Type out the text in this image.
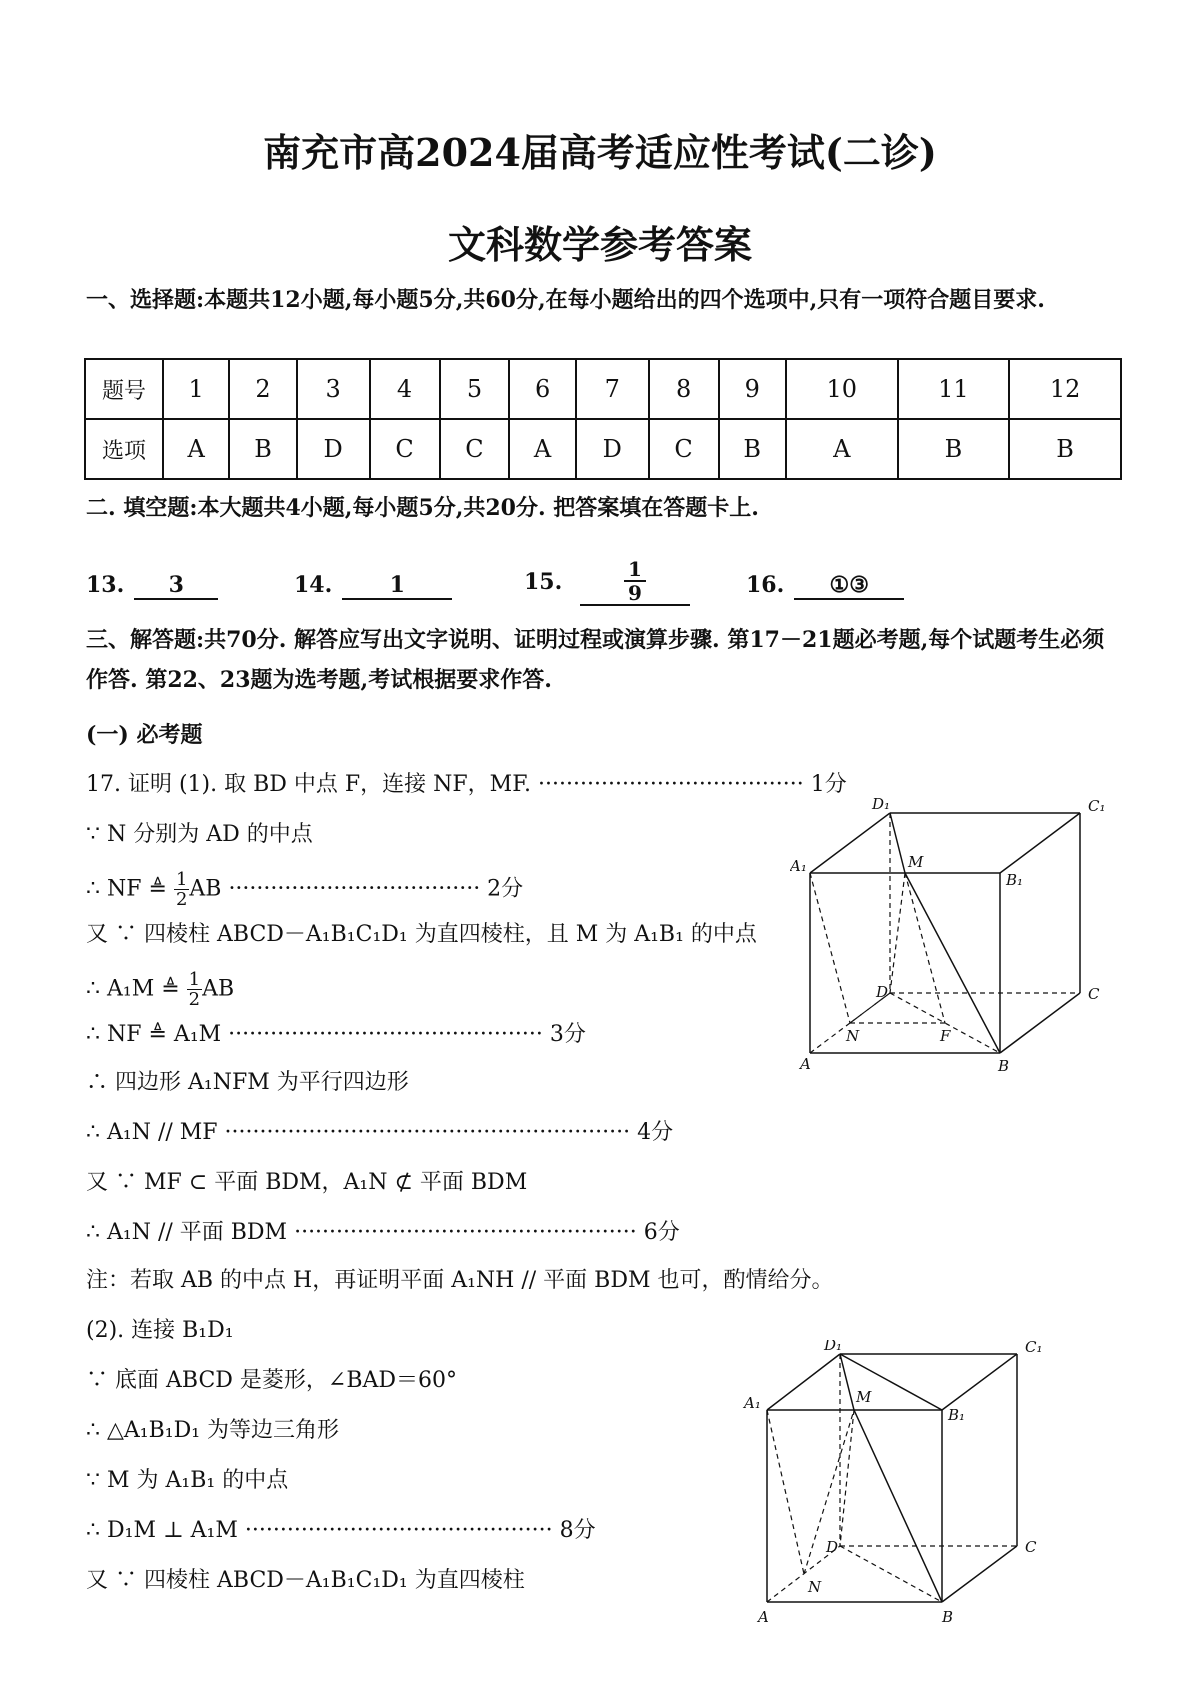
南充市高2024届高考适应性考试(二诊)
文科数学参考答案
一、选择题:本题共12小题,每小题5分,共60分,在每小题给出的四个选项中,只有一项符合题目要求.
题号	1	2	3	4	5	6	7	8	9	10	11	12
选项	A	B	D	C	C	A	D	C	B	A	B	B
二. 填空题:本大题共4小题,每小题5分,共20分. 把答案填在答题卡上.
13. 3	14.	1	15.	$\frac{1}{9}$	16. ①③
三、解答题:共70分. 解答应写出文字说明、证明过程或演算步骤. 第17－21题必考题,每个试题考生必须作答. 第22、23题为选考题,考试根据要求作答.
(一) 必考题
17. 证明 (1). 取 BD 中点 F，连接 NF，MF. ······································ 1分
∵ N 分别为 AD 的中点
∴ NF ≜ $\frac{1}{2}$ AB ···································· 2分
又 ∵ 四棱柱 ABCD－A₁B₁C₁D₁ 为直四棱柱，且 M 为 A₁B₁ 的中点
∴ A₁M ≜ $\frac{1}{2}$ AB
∴ NF ≜ A₁M ············································· 3分
∴ 四边形 A₁NFM 为平行四边形
∴ A₁N // MF ·························································· 4分
又 ∵ MF ⊂ 平面 BDM，A₁N ⊄ 平面 BDM
∴ A₁N // 平面 BDM ················································· 6分
注：若取 AB 的中点 H，再证明平面 A₁NH // 平面 BDM 也可，酌情给分。
(2). 连接 B₁D₁
∵ 底面 ABCD 是菱形，∠BAD＝60°
∴ △A₁B₁D₁ 为等边三角形
∵ M 为 A₁B₁ 的中点
∴ D₁M ⊥ A₁M ············································ 8分
又 ∵ 四棱柱 ABCD－A₁B₁C₁D₁ 为直四棱柱
D₁	C₁
A₁	M
B₁
D	C
N	F
A	B
D₁	C₁
A₁	M
B₁
D	C
N
A	B
